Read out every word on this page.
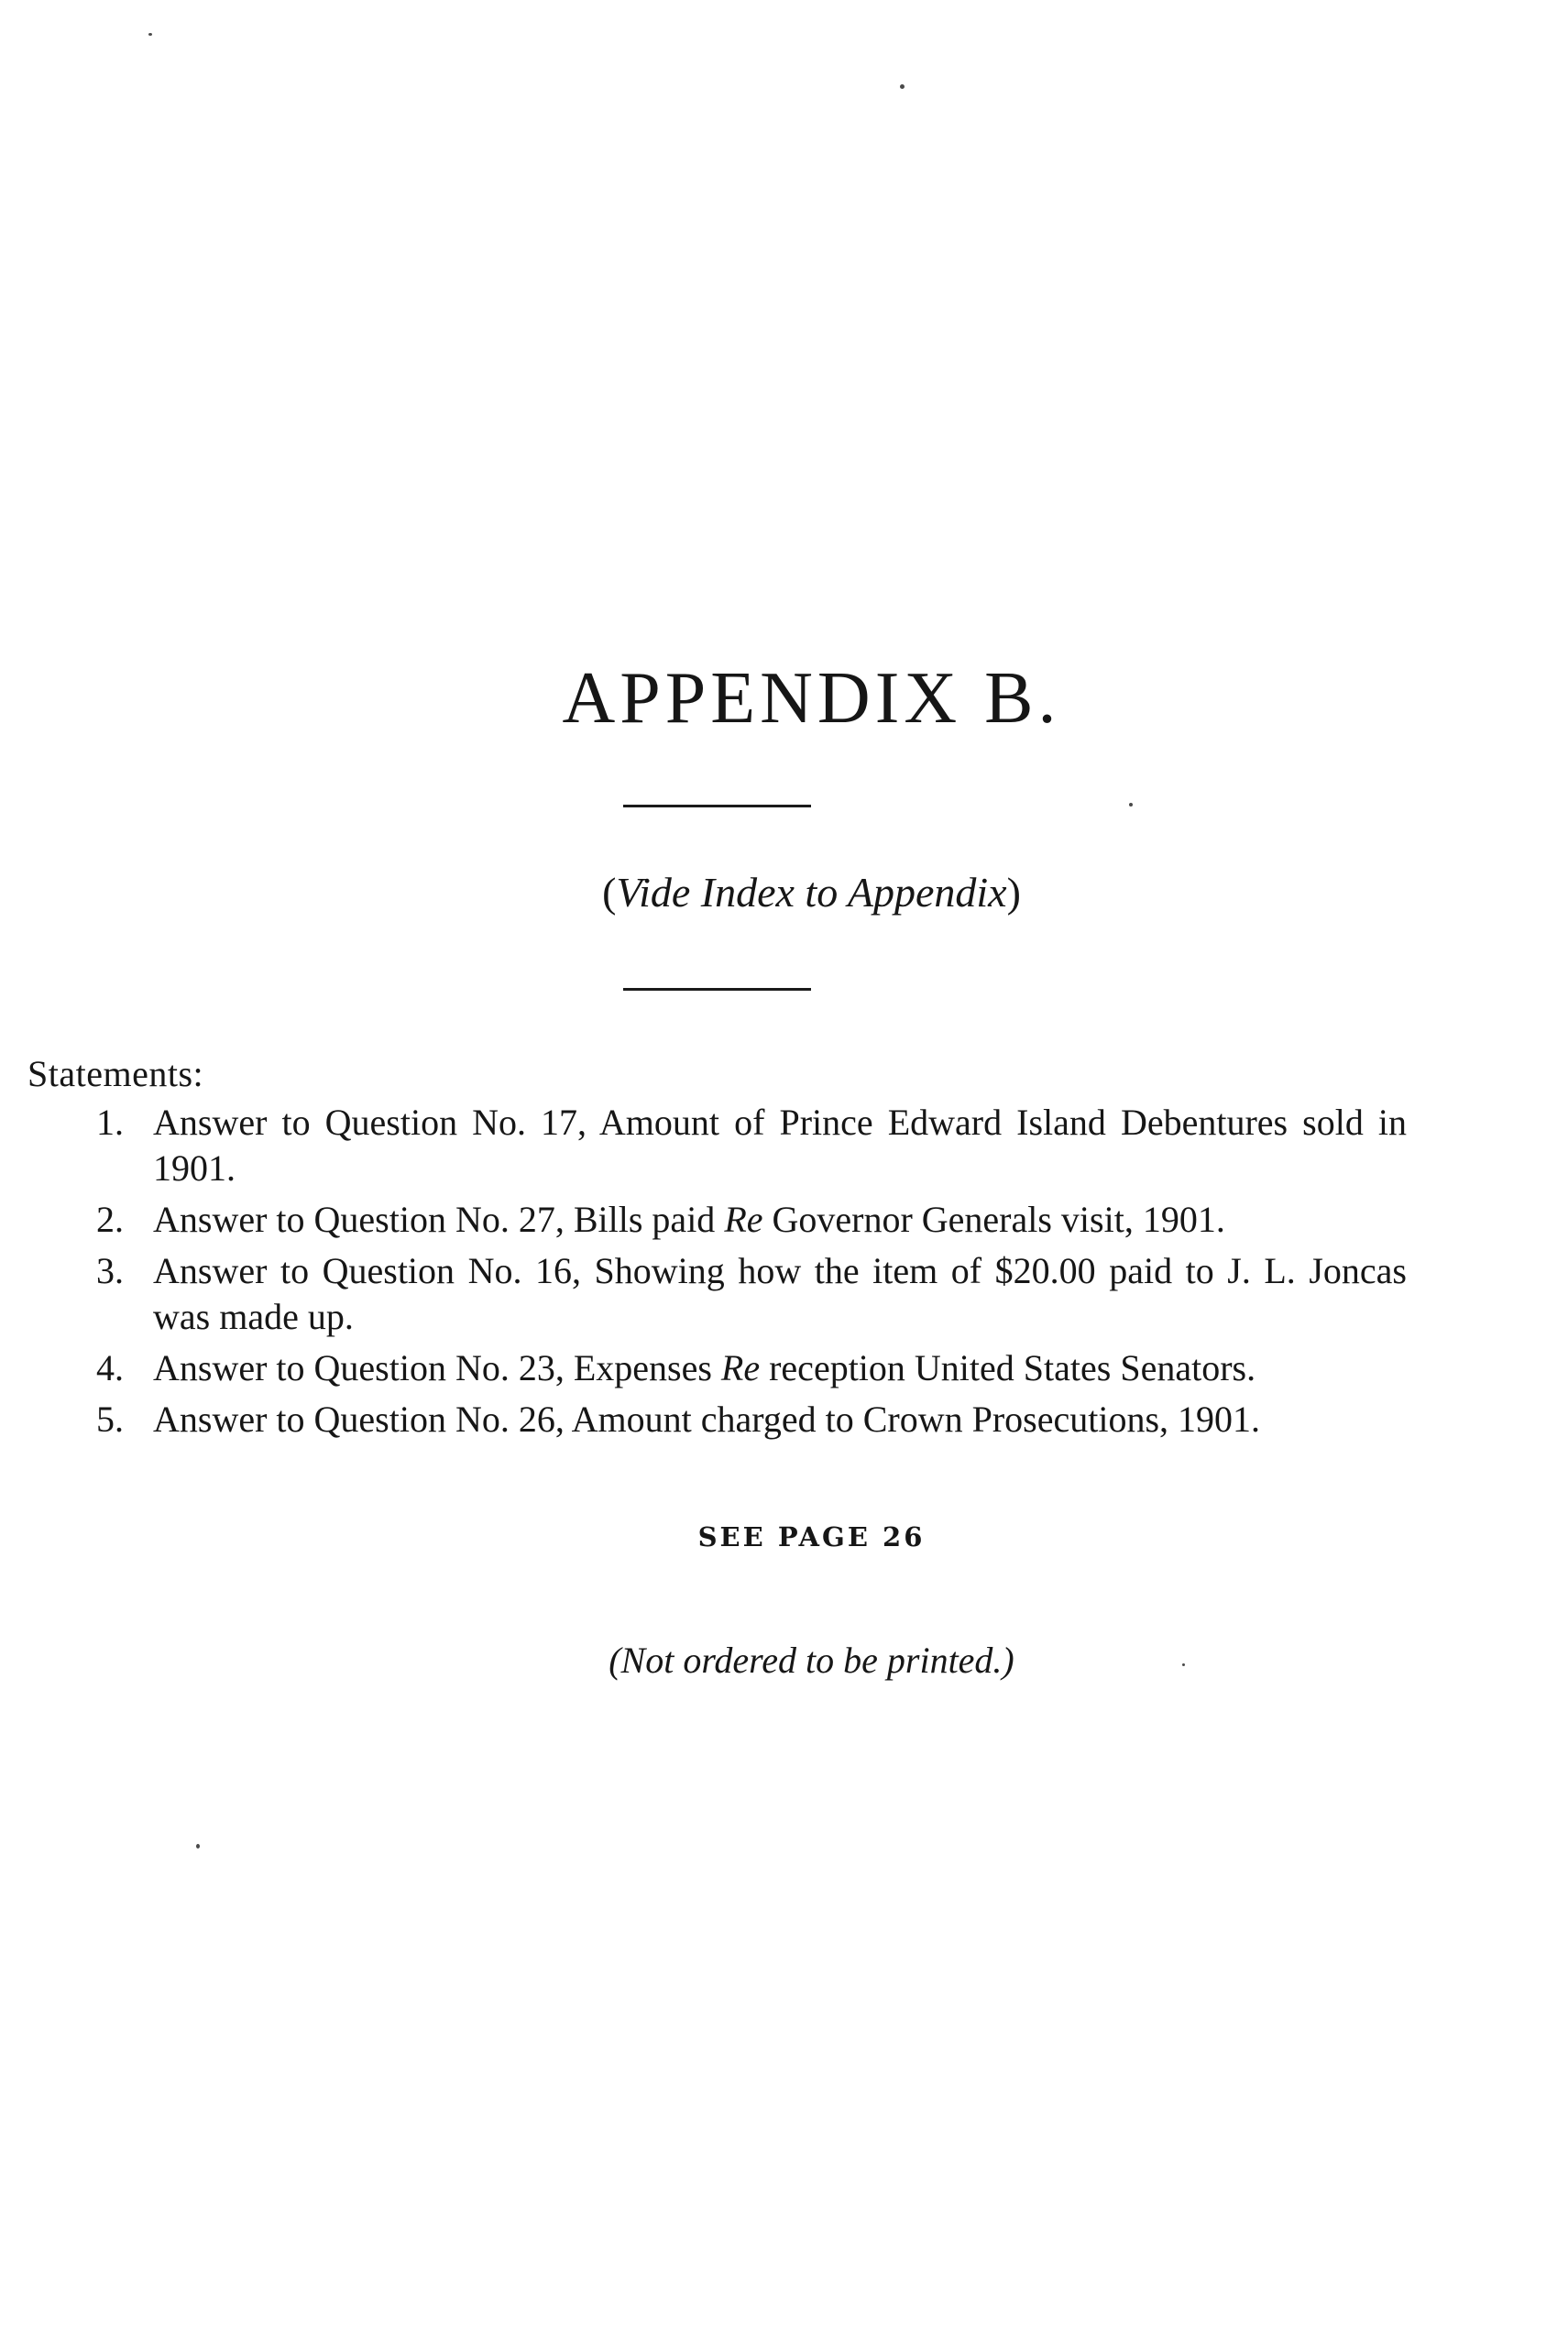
APPENDIX B.
(Vide Index to Appendix)
Statements:
1. Answer to Question No. 17, Amount of Prince Edward Island Debentures sold in 1901.
2. Answer to Question No. 27, Bills paid Re Governor Generals visit, 1901.
3. Answer to Question No. 16, Showing how the item of $20.00 paid to J. L. Joncas was made up.
4. Answer to Question No. 23, Expenses Re reception United States Senators.
5. Answer to Question No. 26, Amount charged to Crown Prosecutions, 1901.
SEE PAGE 26
(Not ordered to be printed.)
